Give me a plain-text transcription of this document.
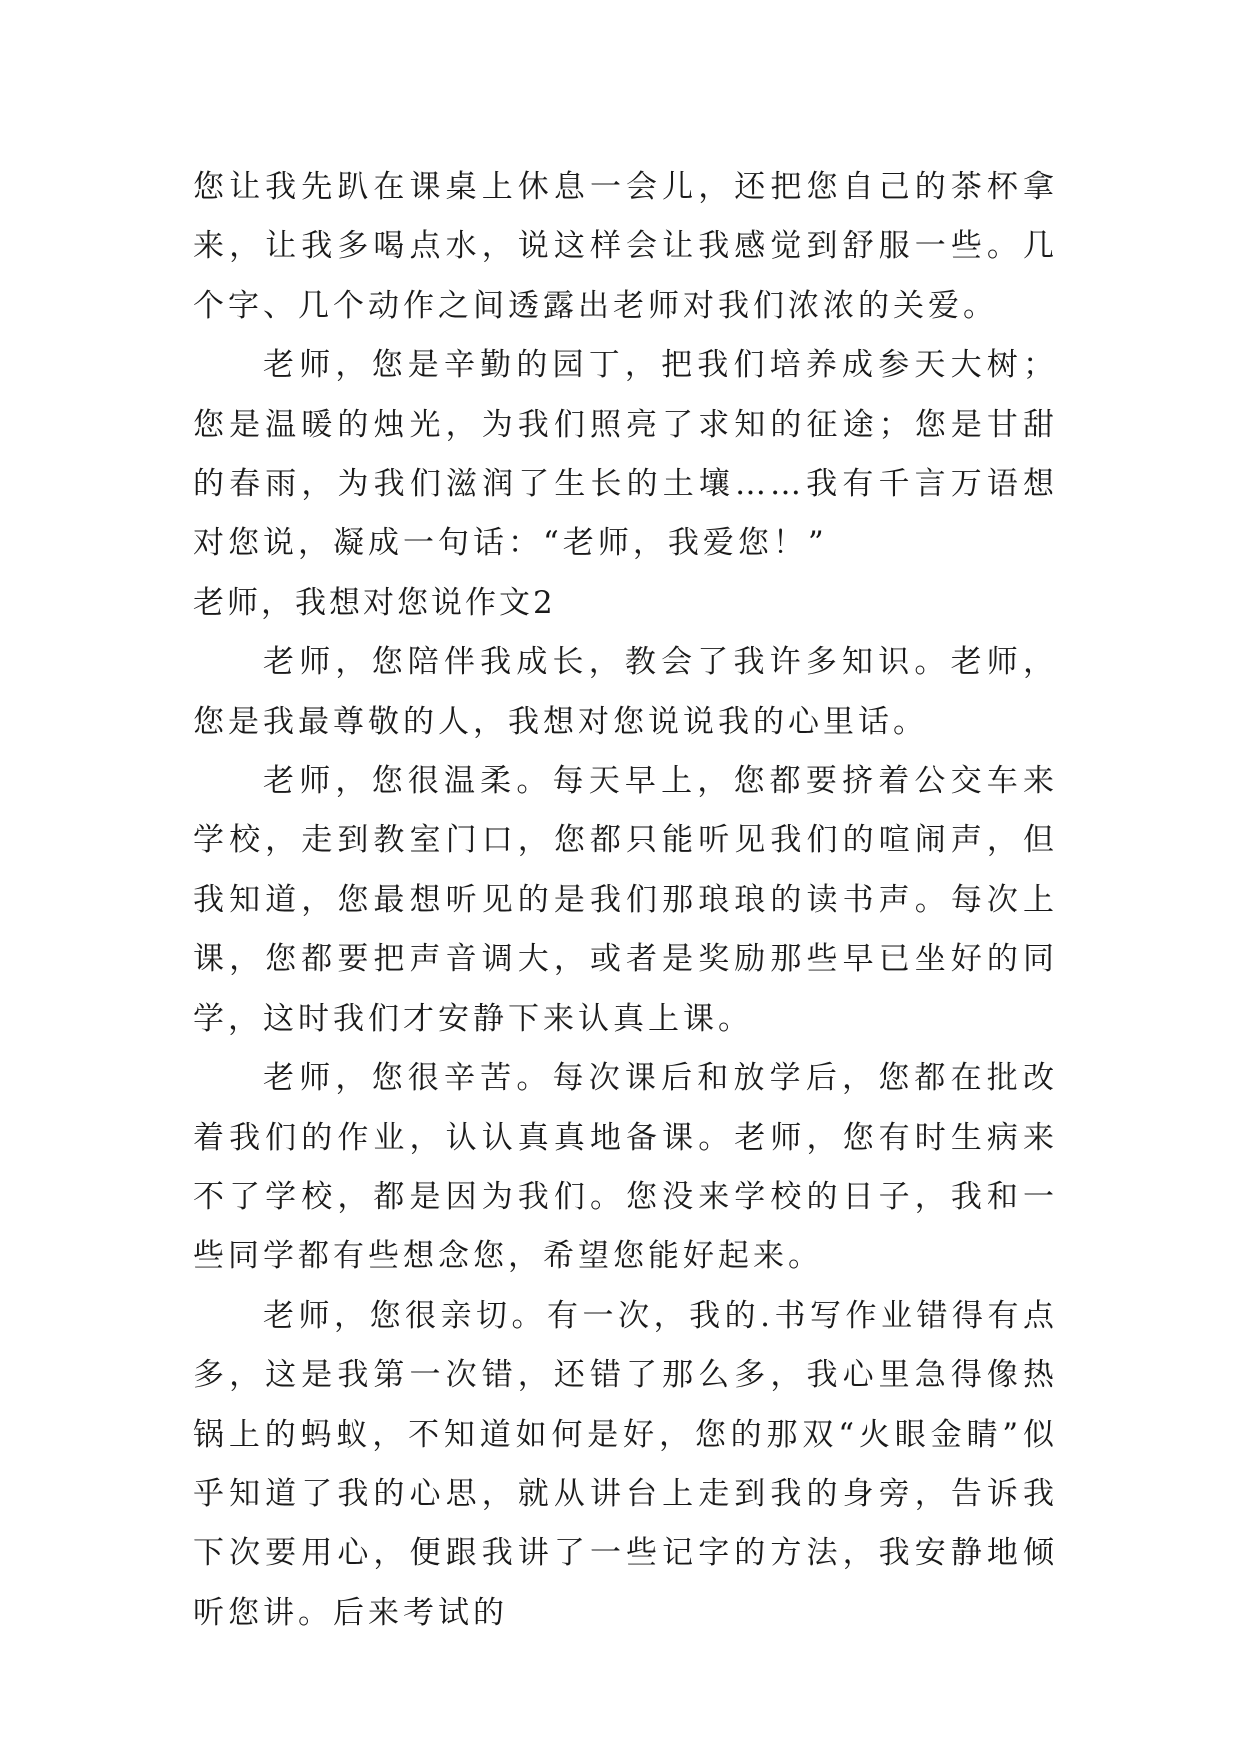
您让我先趴在课桌上休息一会儿，还把您自己的茶杯拿来，让我多喝点水，说这样会让我感觉到舒服一些。几个字、几个动作之间透露出老师对我们浓浓的关爱。

老师，您是辛勤的园丁，把我们培养成参天大树；您是温暖的烛光，为我们照亮了求知的征途；您是甘甜的春雨，为我们滋润了生长的土壤……我有千言万语想对您说，凝成一句话：“老师，我爱您！”

老师，我想对您说作文2

老师，您陪伴我成长，教会了我许多知识。老师，您是我最尊敬的人，我想对您说说我的心里话。

老师，您很温柔。每天早上，您都要挤着公交车来学校，走到教室门口，您都只能听见我们的喧闹声，但我知道，您最想听见的是我们那琅琅的读书声。每次上课，您都要把声音调大，或者是奖励那些早已坐好的同学，这时我们才安静下来认真上课。

老师，您很辛苦。每次课后和放学后，您都在批改着我们的作业，认认真真地备课。老师，您有时生病来不了学校，都是因为我们。您没来学校的日子，我和一些同学都有些想念您，希望您能好起来。

老师，您很亲切。有一次，我的.书写作业错得有点多，这是我第一次错，还错了那么多，我心里急得像热锅上的蚂蚁，不知道如何是好，您的那双“火眼金睛”似乎知道了我的心思，就从讲台上走到我的身旁，告诉我下次要用心，便跟我讲了一些记字的方法，我安静地倾听您讲。后来考试的
